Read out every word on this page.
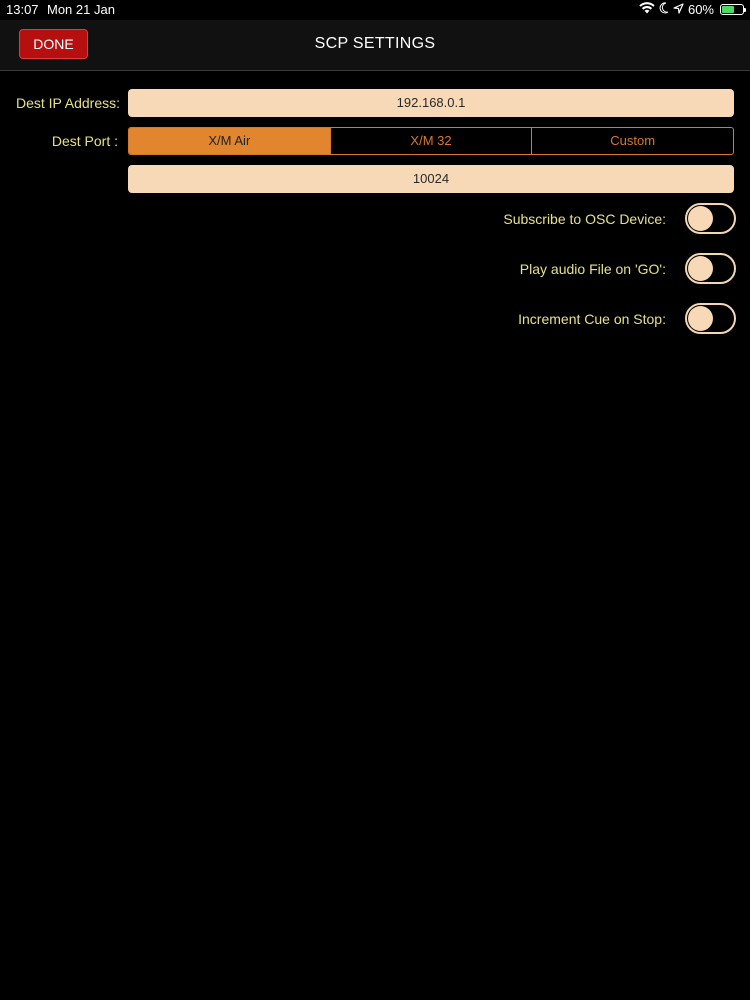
13:07 Mon 21 Jan	60%
DONE	SCP SETTINGS
Dest IP Address:	192.168.0.1
Dest Port :	X/M Air	X/M 32	Custom
10024
Subscribe to OSC Device:
Play audio File on 'GO':
Increment Cue on Stop:
